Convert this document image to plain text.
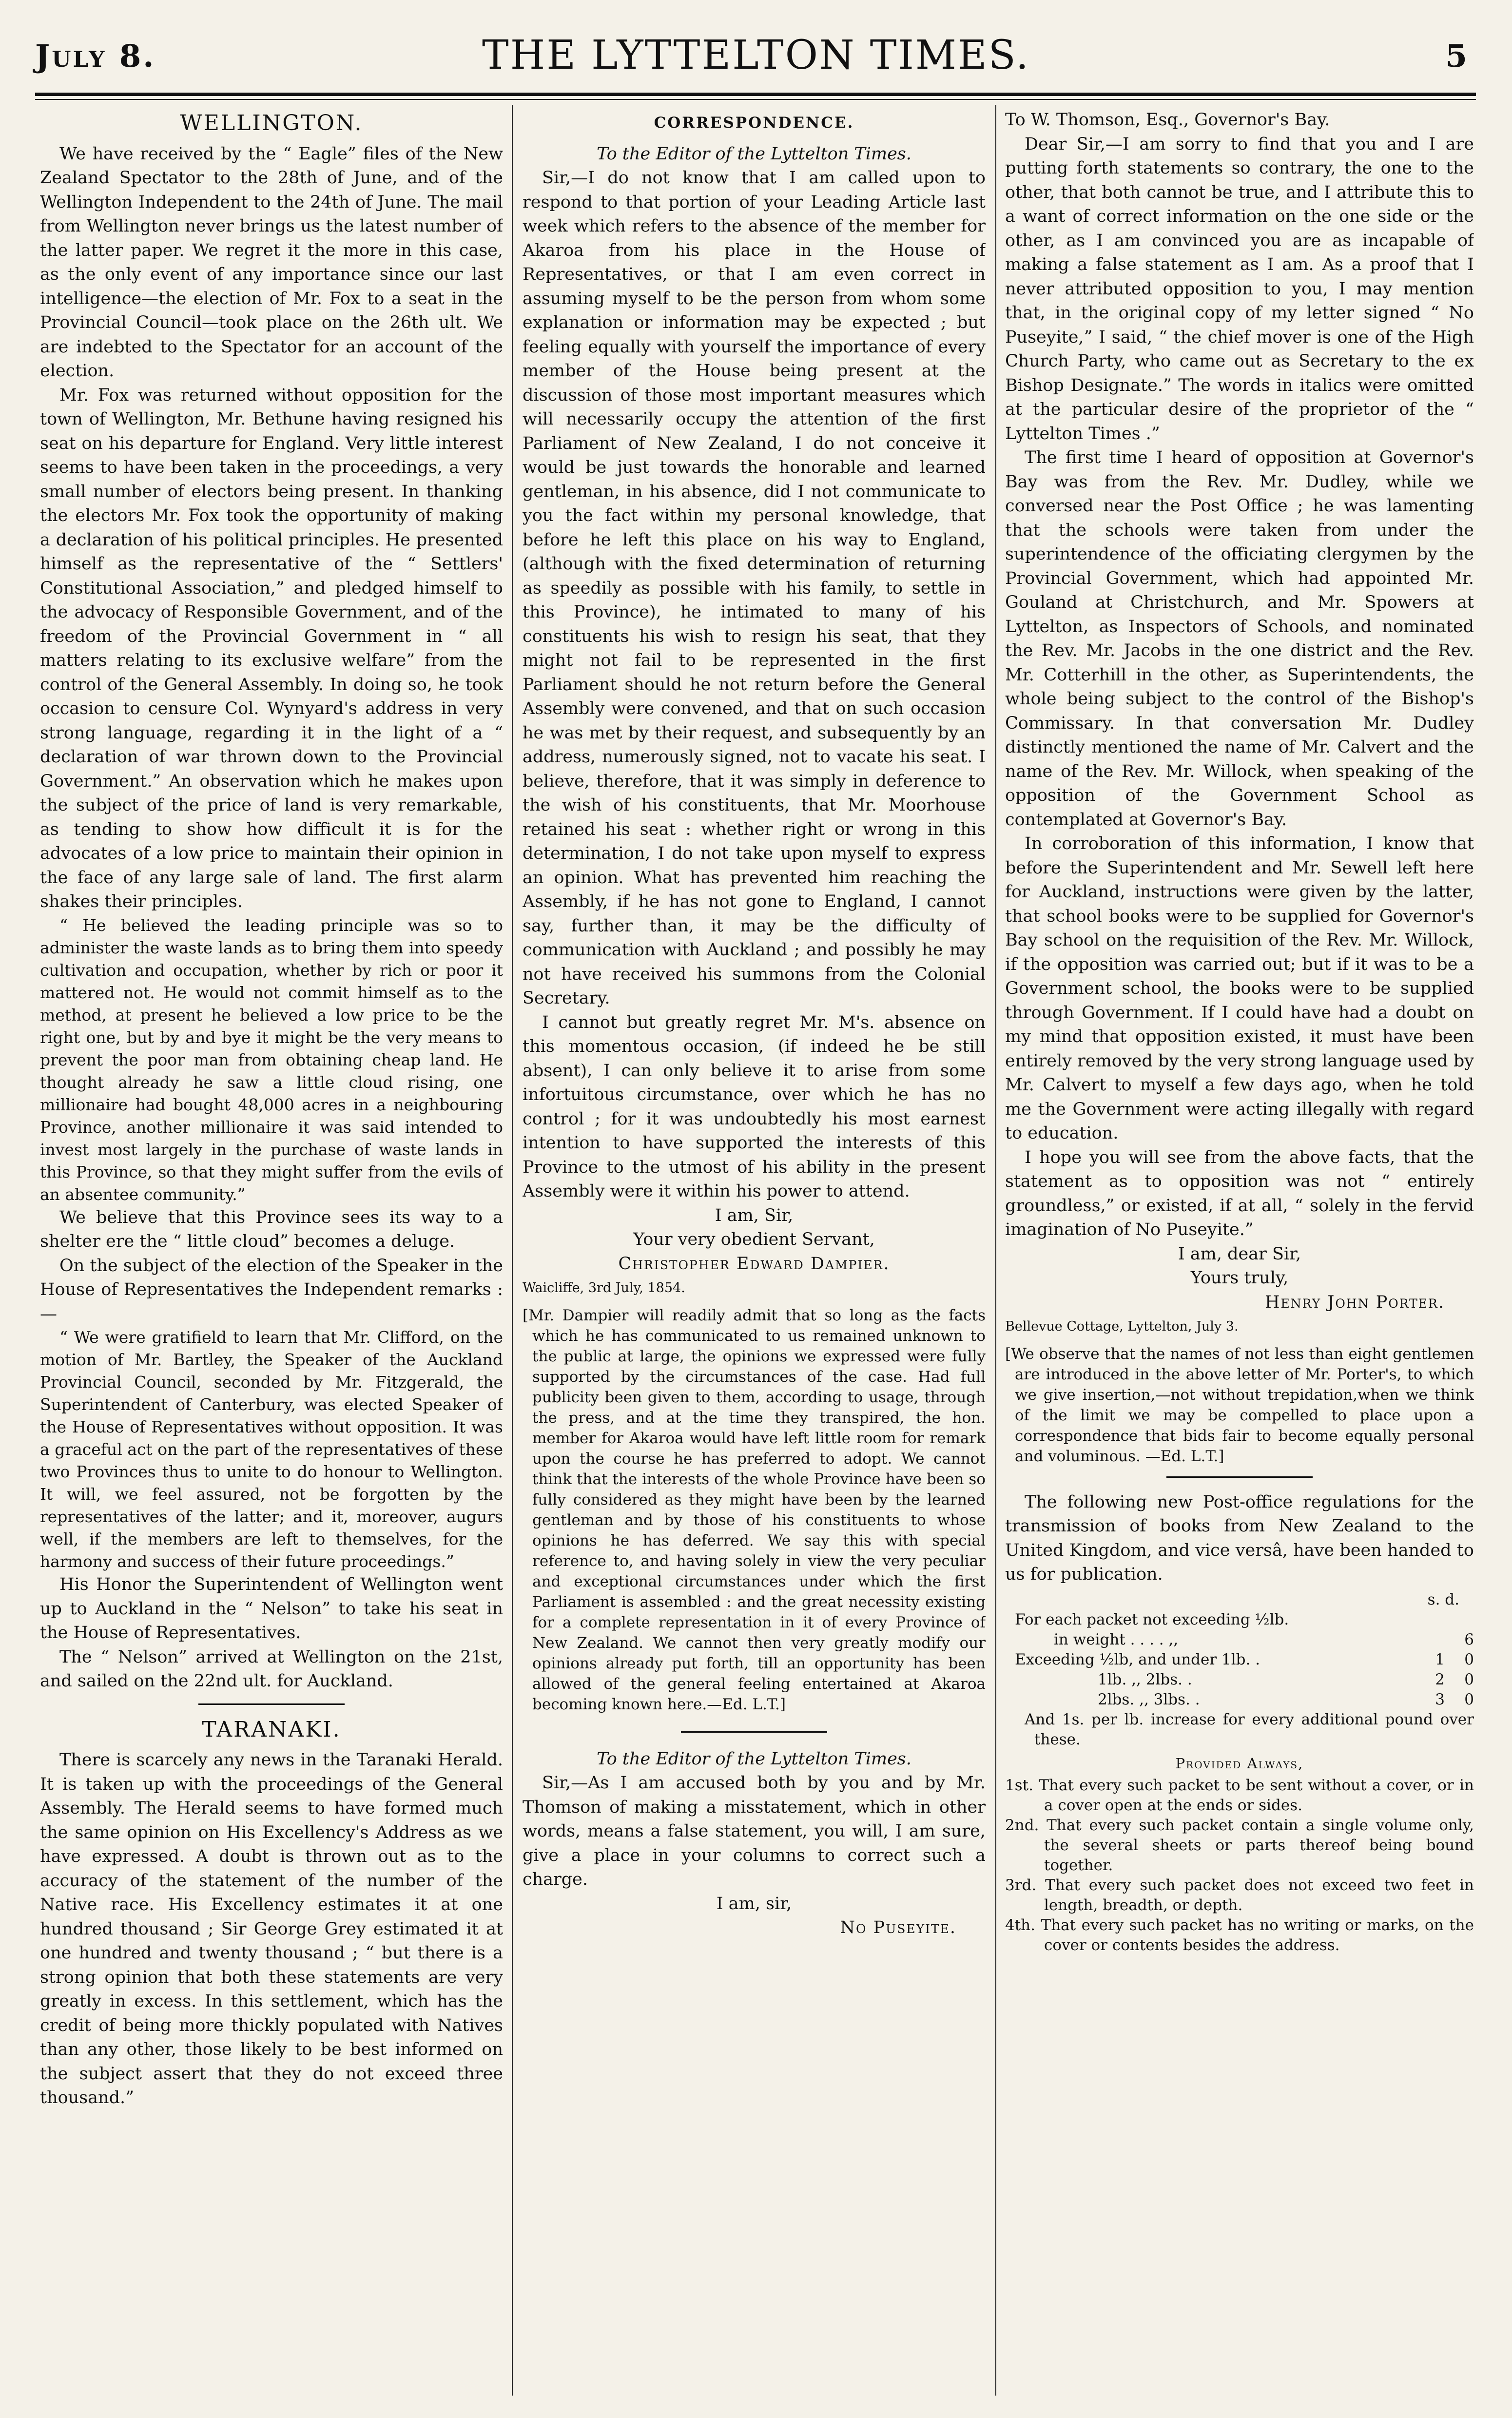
July 8.	THE LYTTELTON TIMES.	5
WELLINGTON.

We have received by the “ Eagle” files of the New Zealand Spectator to the 28th of June, and of the Wellington Independent to the 24th of June. The mail from Wellington never brings us the latest number of the latter paper. We regret it the more in this case, as the only event of any importance since our last intelligence—the election of Mr. Fox to a seat in the Provincial Council—took place on the 26th ult. We are indebted to the Spectator for an account of the election.

Mr. Fox was returned without opposition for the town of Wellington, Mr. Bethune having resigned his seat on his departure for England. Very little interest seems to have been taken in the proceedings, a very small number of electors being present. In thanking the electors Mr. Fox took the opportunity of making a declaration of his political principles. He presented himself as the representative of the “ Settlers' Constitutional Association,” and pledged himself to the advocacy of Responsible Government, and of the freedom of the Provincial Government in “ all matters relating to its exclusive welfare” from the control of the General Assembly. In doing so, he took occasion to censure Col. Wynyard's address in very strong language, regarding it in the light of a “ declaration of war thrown down to the Provincial Government.” An observation which he makes upon the subject of the price of land is very remarkable, as tending to show how difficult it is for the advocates of a low price to maintain their opinion in the face of any large sale of land. The first alarm shakes their principles.

“ He believed the leading principle was so to administer the waste lands as to bring them into speedy cultivation and occupation, whether by rich or poor it mattered not. He would not commit himself as to the method, at present he believed a low price to be the right one, but by and bye it might be the very means to prevent the poor man from obtaining cheap land. He thought already he saw a little cloud rising, one millionaire had bought 48,000 acres in a neighbouring Province, another millionaire it was said intended to invest most largely in the purchase of waste lands in this Province, so that they might suffer from the evils of an absentee community.”

We believe that this Province sees its way to a shelter ere the “ little cloud” becomes a deluge.

On the subject of the election of the Speaker in the House of Representatives the Independent remarks :—

“ We were gratifield to learn that Mr. Clifford, on the motion of Mr. Bartley, the Speaker of the Auckland Provincial Council, seconded by Mr. Fitzgerald, the Superintendent of Canterbury, was elected Speaker of the House of Representatives without opposition. It was a graceful act on the part of the representatives of these two Provinces thus to unite to do honour to Wellington. It will, we feel assured, not be forgotten by the representatives of the latter; and it, moreover, augurs well, if the members are left to themselves, for the harmony and success of their future proceedings.”

His Honor the Superintendent of Wellington went up to Auckland in the “ Nelson” to take his seat in the House of Representatives.

The “ Nelson” arrived at Wellington on the 21st, and sailed on the 22nd ult. for Auckland.

TARANAKI.

There is scarcely any news in the Taranaki Herald. It is taken up with the proceedings of the General Assembly. The Herald seems to have formed much the same opinion on His Excellency's Address as we have expressed. A doubt is thrown out as to the accuracy of the statement of the number of the Native race. His Excellency estimates it at one hundred thousand ; Sir George Grey estimated it at one hundred and twenty thousand ; “ but there is a strong opinion that both these statements are very greatly in excess. In this settlement, which has the credit of being more thickly populated with Natives than any other, those likely to be best informed on the subject assert that they do not exceed three thousand.”

CORRESPONDENCE.

To the Editor of the Lyttelton Times.

Sir,—I do not know that I am called upon to respond to that portion of your Leading Article last week which refers to the absence of the member for Akaroa from his place in the House of Representatives, or that I am even correct in assuming myself to be the person from whom some explanation or information may be expected ; but feeling equally with yourself the importance of every member of the House being present at the discussion of those most important measures which will necessarily occupy the attention of the first Parliament of New Zealand, I do not conceive it would be just towards the honorable and learned gentleman, in his absence, did I not communicate to you the fact within my personal knowledge, that before he left this place on his way to England, (although with the fixed determination of returning as speedily as possible with his family, to settle in this Province), he intimated to many of his constituents his wish to resign his seat, that they might not fail to be represented in the first Parliament should he not return before the General Assembly were convened, and that on such occasion he was met by their request, and subsequently by an address, numerously signed, not to vacate his seat. I believe, therefore, that it was simply in deference to the wish of his constituents, that Mr. Moorhouse retained his seat : whether right or wrong in this determination, I do not take upon myself to express an opinion. What has prevented him reaching the Assembly, if he has not gone to England, I cannot say, further than, it may be the difficulty of communication with Auckland ; and possibly he may not have received his summons from the Colonial Secretary.

I cannot but greatly regret Mr. M's. absence on this momentous occasion, (if indeed he be still absent), I can only believe it to arise from some infortuitous circumstance, over which he has no control ; for it was undoubtedly his most earnest intention to have supported the interests of this Province to the utmost of his ability in the present Assembly were it within his power to attend.

I am, Sir,

Your very obedient Servant,

Christopher Edward Dampier.

Waicliffe, 3rd July, 1854.

[Mr. Dampier will readily admit that so long as the facts which he has communicated to us remained unknown to the public at large, the opinions we expressed were fully supported by the circumstances of the case. Had full publicity been given to them, according to usage, through the press, and at the time they transpired, the hon. member for Akaroa would have left little room for remark upon the course he has preferred to adopt. We cannot think that the interests of the whole Province have been so fully considered as they might have been by the learned gentleman and by those of his constituents to whose opinions he has deferred. We say this with special reference to, and having solely in view the very peculiar and exceptional circumstances under which the first Parliament is assembled : and the great necessity existing for a complete representation in it of every Province of New Zealand. We cannot then very greatly modify our opinions already put forth, till an opportunity has been allowed of the general feeling entertained at Akaroa becoming known here.—Ed. L.T.]

To the Editor of the Lyttelton Times.

Sir,—As I am accused both by you and by Mr. Thomson of making a misstatement, which in other words, means a false statement, you will, I am sure, give a place in your columns to correct such a charge.

I am, sir,

No Puseyite.

To W. Thomson, Esq., Governor's Bay.

Dear Sir,—I am sorry to find that you and I are putting forth statements so contrary, the one to the other, that both cannot be true, and I attribute this to a want of correct information on the one side or the other, as I am convinced you are as incapable of making a false statement as I am. As a proof that I never attributed opposition to you, I may mention that, in the original copy of my letter signed “ No Puseyite,” I said, “ the chief mover is one of the High Church Party, who came out as Secretary to the ex Bishop Designate.” The words in italics were omitted at the particular desire of the proprietor of the “ Lyttelton Times .”

The first time I heard of opposition at Governor's Bay was from the Rev. Mr. Dudley, while we conversed near the Post Office ; he was lamenting that the schools were taken from under the superintendence of the officiating clergymen by the Provincial Government, which had appointed Mr. Gouland at Christchurch, and Mr. Spowers at Lyttelton, as Inspectors of Schools, and nominated the Rev. Mr. Jacobs in the one district and the Rev. Mr. Cotterhill in the other, as Superintendents, the whole being subject to the control of the Bishop's Commissary. In that conversation Mr. Dudley distinctly mentioned the name of Mr. Calvert and the name of the Rev. Mr. Willock, when speaking of the opposition of the Government School as contemplated at Governor's Bay.

In corroboration of this information, I know that before the Superintendent and Mr. Sewell left here for Auckland, instructions were given by the latter, that school books were to be supplied for Governor's Bay school on the requisition of the Rev. Mr. Willock, if the opposition was carried out; but if it was to be a Government school, the books were to be supplied through Government. If I could have had a doubt on my mind that opposition existed, it must have been entirely removed by the very strong language used by Mr. Calvert to myself a few days ago, when he told me the Government were acting illegally with regard to education.

I hope you will see from the above facts, that the statement as to opposition was not “ entirely groundless,” or existed, if at all, “ solely in the fervid imagination of No Puseyite.”

I am, dear Sir,

Yours truly,

Henry John Porter.

Bellevue Cottage, Lyttelton, July 3.

[We observe that the names of not less than eight gentlemen are introduced in the above letter of Mr. Porter's, to which we give insertion,—not without trepidation,when we think of the limit we may be compelled to place upon a correspondence that bids fair to become equally personal and voluminous. —Ed. L.T.]

The following new Post-office regulations for the transmission of books from New Zealand to the United Kingdom, and vice versâ, have been handed to us for publication.

s. d.
For each packet not exceeding ½lb.		
in weight . . . . ,,		6
Exceeding ½lb, and under 1lb. .	1	0
1lb. ,, 2lbs. .	2	0
2lbs. ,, 3lbs. .	3	0
And 1s. per lb. increase for every additional pound over these.

Provided Always,

1st. That every such packet to be sent without a cover, or in a cover open at the ends or sides.
2nd. That every such packet contain a single volume only, the several sheets or parts thereof being bound together.
3rd. That every such packet does not exceed two feet in length, breadth, or depth.
4th. That every such packet has no writing or marks, on the cover or contents besides the address.
